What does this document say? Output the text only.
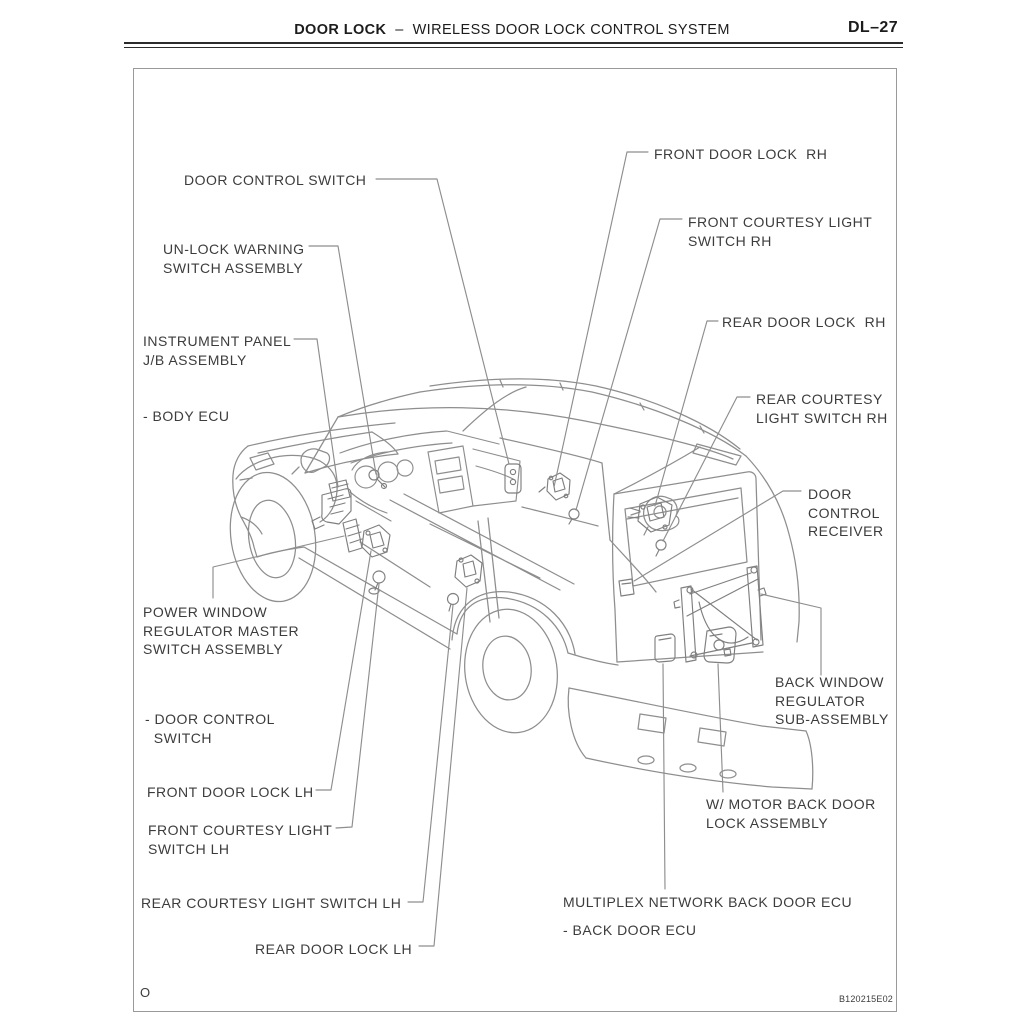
DOOR LOCK – WIRELESS DOOR LOCK CONTROL SYSTEM	DL–27
DOOR CONTROL SWITCH
UN-LOCK WARNING
SWITCH ASSEMBLY
INSTRUMENT PANEL
J/B ASSEMBLY
- BODY ECU
POWER WINDOW
REGULATOR MASTER
SWITCH ASSEMBLY
- DOOR CONTROL
SWITCH
FRONT DOOR LOCK LH
FRONT COURTESY LIGHT
SWITCH LH
REAR COURTESY LIGHT SWITCH LH
REAR DOOR LOCK LH
FRONT DOOR LOCK  RH
FRONT COURTESY LIGHT
SWITCH RH
REAR DOOR LOCK  RH
REAR COURTESY
LIGHT SWITCH RH
DOOR
CONTROL
RECEIVER
BACK WINDOW
REGULATOR
SUB-ASSEMBLY
W/ MOTOR BACK DOOR
LOCK ASSEMBLY
MULTIPLEX NETWORK BACK DOOR ECU
- BACK DOOR ECU
O	B120215E02
